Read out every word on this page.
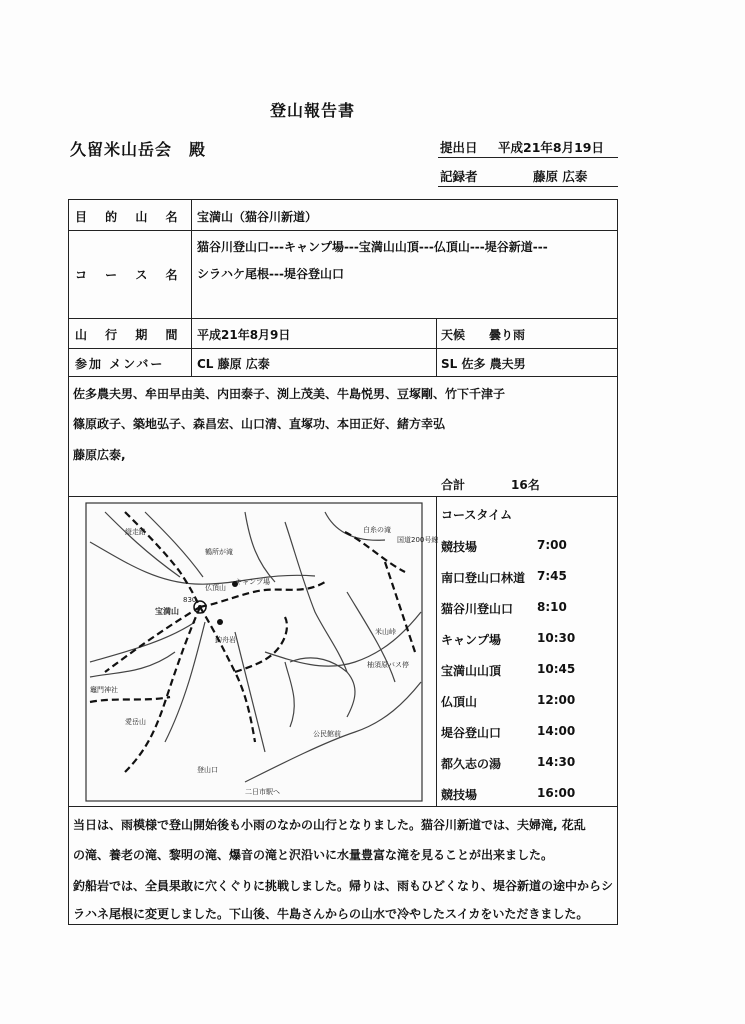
登山報告書
久留米山岳会　殿	提出日 平成21年8月19日
記録者	藤原 広泰
目 的 山 名 宝満山（猫谷川新道）
コ ー ス 名
猫谷川登山口---キャンプ場---宝満山山頂---仏頂山---堤谷新道---
シラハケ尾根---堤谷登山口
山 行 期 間 平成21年8月9日	天候　　曇り雨
参加 メンバー	CL 藤原 広泰	SL 佐多 農夫男
佐多農夫男、牟田早由美、内田泰子、渕上茂美、牛島悦男、豆塚剛、竹下千津子
篠原政子、築地弘子、森昌宏、山口清、直塚功、本田正好、緒方幸弘
藤原広泰,
合計	16名
鶴所が滝
仏頂山
宝満山
830
釣舟岩
キャンプ場
竈門神社
愛岳山
登山口
二日市駅へ
公民館前
柚須原バス停
国道200号線
白糸の滝
米山峠
縦走路
コースタイム
競技場	7:00
南口登山口林道 7:45
猫谷川登山口 8:10
キャンプ場	10:30
宝満山山頂	10:45
仏頂山	12:00
堤谷登山口	14:00
都久志の湯	14:30
競技場	16:00

当日は、雨模様で登山開始後も小雨のなかの山行となりました。猫谷川新道では、夫婦滝, 花乱

の滝、養老の滝、黎明の滝、爆音の滝と沢沿いに水量豊富な滝を見ることが出来ました。

釣船岩では、全員果敢に穴くぐりに挑戦しました。帰りは、雨もひどくなり、堤谷新道の途中からシ

ラハネ尾根に変更しました。下山後、牛島さんからの山水で冷やしたスイカをいただきました。
